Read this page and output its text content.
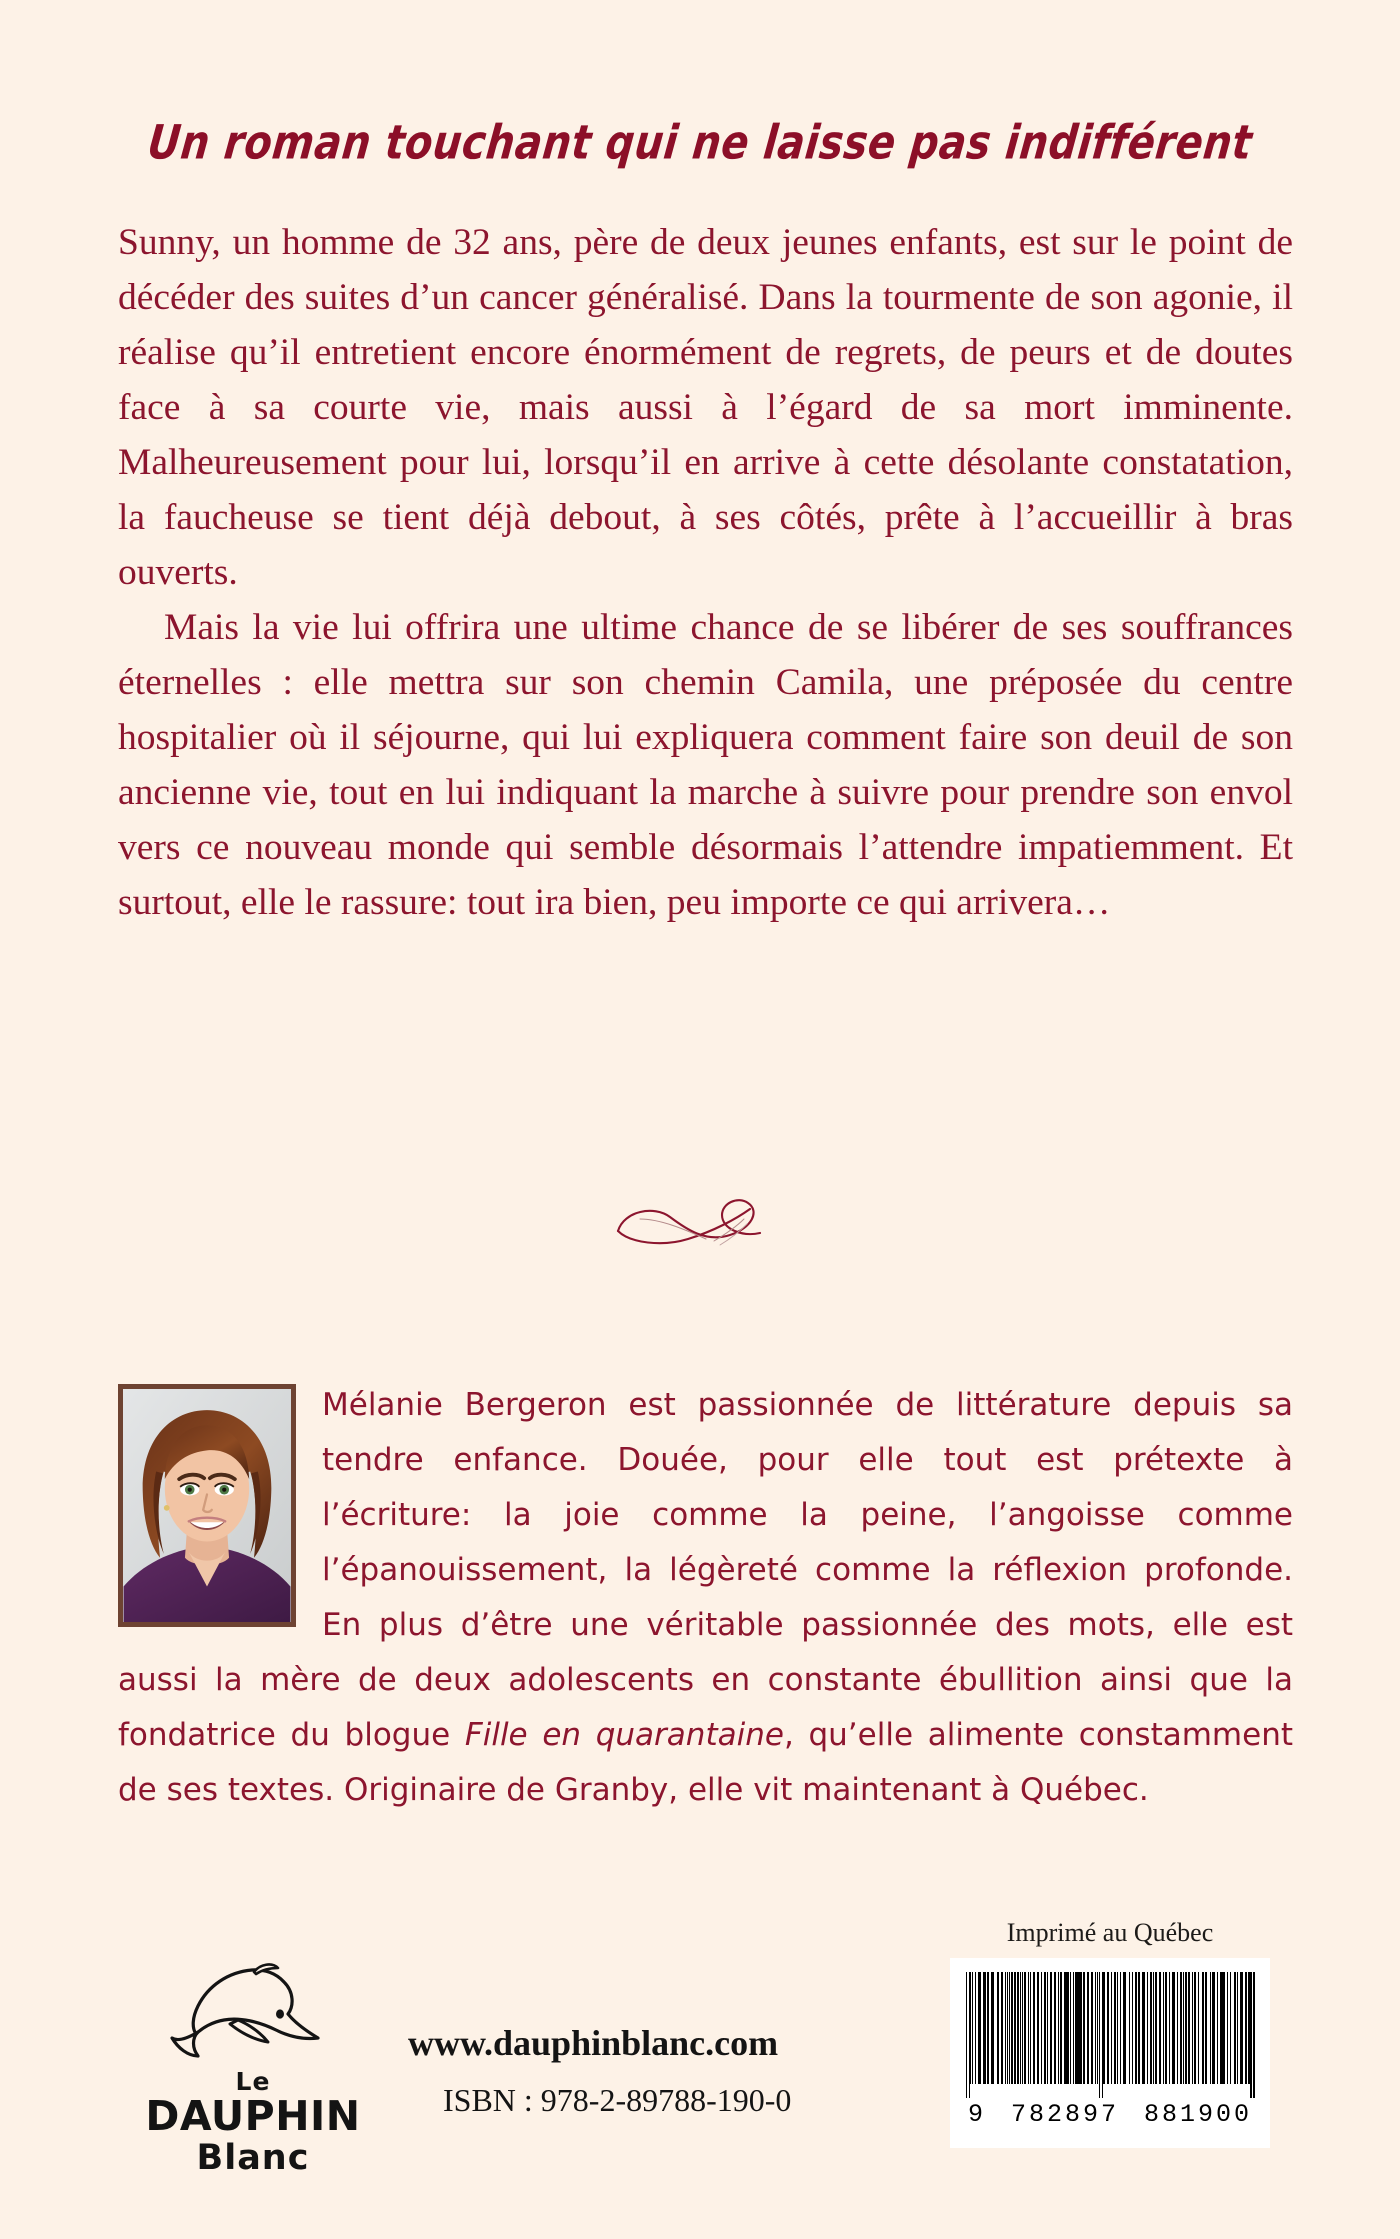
Un roman touchant qui ne laisse pas indifférent

Sunny, un homme de 32 ans, père de deux jeunes enfants, est sur le point de décéder des suites d’un cancer généralisé. Dans la tourmente de son agonie, il réalise qu’il entretient encore énormément de regrets, de peurs et de doutes face à sa courte vie, mais aussi à l’égard de sa mort imminente. Malheureusement pour lui, lorsqu’il en arrive à cette désolante constatation, la faucheuse se tient déjà debout, à ses côtés, prête à l’accueillir à bras ouverts.

Mais la vie lui offrira une ultime chance de se libérer de ses souffrances éternelles : elle mettra sur son chemin Camila, une préposée du centre hospitalier où il séjourne, qui lui expliquera comment faire son deuil de son ancienne vie, tout en lui indiquant la marche à suivre pour prendre son envol vers ce nouveau monde qui semble désormais l’attendre impatiemment. Et surtout, elle le rassure: tout ira bien, peu importe ce qui arrivera…

Mélanie Bergeron est passionnée de littérature depuis sa tendre enfance. Douée, pour elle tout est prétexte à l’écriture: la joie comme la peine, l’angoisse comme l’épanouissement, la légèreté comme la réflexion profonde. En plus d’être une véritable passionnée des mots, elle est aussi la mère de deux adolescents en constante ébullition ainsi que la fondatrice du blogue Fille en quarantaine, qu’elle alimente constamment de ses textes. Originaire de Granby, elle vit maintenant à Québec.
Imprimé au Québec
Le
DAUPHIN
Blanc
www.dauphinblanc.com
ISBN : 978-2-89788-190-0	9 782897 881900
